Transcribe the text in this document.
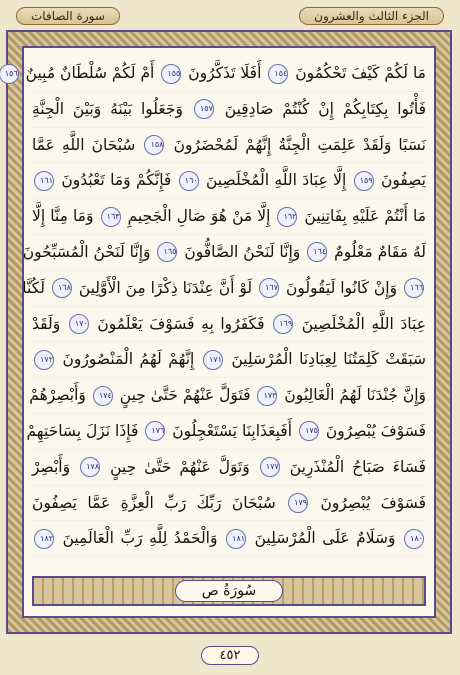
الجزء الثالث والعشرون
سورة الصافات
مَا لَكُمْ كَيْفَ تَحْكُمُونَ ١٥٤ أَفَلَا تَذَكَّرُونَ ١٥٥ أَمْ لَكُمْ سُلْطَانٌ مُبِينٌ ١٥٦
فَأْتُوا بِكِتَابِكُمْ إِنْ كُنْتُمْ صَادِقِينَ ١٥٧ وَجَعَلُوا بَيْنَهُ وَبَيْنَ الْجِنَّةِ
نَسَبًا وَلَقَدْ عَلِمَتِ الْجِنَّةُ إِنَّهُمْ لَمُحْضَرُونَ ١٥٨ سُبْحَانَ اللَّهِ عَمَّا
يَصِفُونَ ١٥٩ إِلَّا عِبَادَ اللَّهِ الْمُخْلَصِينَ ١٦٠ فَإِنَّكُمْ وَمَا تَعْبُدُونَ ١٦١
مَا أَنْتُمْ عَلَيْهِ بِفَاتِنِينَ ١٦٢ إِلَّا مَنْ هُوَ صَالِ الْجَحِيمِ ١٦٣ وَمَا مِنَّا إِلَّا
لَهُ مَقَامٌ مَعْلُومٌ ١٦٤ وَإِنَّا لَنَحْنُ الصَّافُّونَ ١٦٥ وَإِنَّا لَنَحْنُ الْمُسَبِّحُونَ
١٦٦ وَإِنْ كَانُوا لَيَقُولُونَ ١٦٧ لَوْ أَنَّ عِنْدَنَا ذِكْرًا مِنَ الْأَوَّلِينَ ١٦٨ لَكُنَّا
عِبَادَ اللَّهِ الْمُخْلَصِينَ ١٦٩ فَكَفَرُوا بِهِ فَسَوْفَ يَعْلَمُونَ ١٧٠ وَلَقَدْ
سَبَقَتْ كَلِمَتُنَا لِعِبَادِنَا الْمُرْسَلِينَ ١٧١ إِنَّهُمْ لَهُمُ الْمَنْصُورُونَ ١٧٢
وَإِنَّ جُنْدَنَا لَهُمُ الْغَالِبُونَ ١٧٣ فَتَوَلَّ عَنْهُمْ حَتَّىٰ حِينٍ ١٧٤ وَأَبْصِرْهُمْ
فَسَوْفَ يُبْصِرُونَ ١٧٥ أَفَبِعَذَابِنَا يَسْتَعْجِلُونَ ١٧٦ فَإِذَا نَزَلَ بِسَاحَتِهِمْ
فَسَاءَ صَبَاحُ الْمُنْذَرِينَ ١٧٧ وَتَوَلَّ عَنْهُمْ حَتَّىٰ حِينٍ ١٧٨ وَأَبْصِرْ
فَسَوْفَ يُبْصِرُونَ ١٧٩ سُبْحَانَ رَبِّكَ رَبِّ الْعِزَّةِ عَمَّا يَصِفُونَ
١٨٠ وَسَلَامٌ عَلَى الْمُرْسَلِينَ ١٨١ وَالْحَمْدُ لِلَّهِ رَبِّ الْعَالَمِينَ ١٨٢
سُورَةُ ص
٤٥٢
